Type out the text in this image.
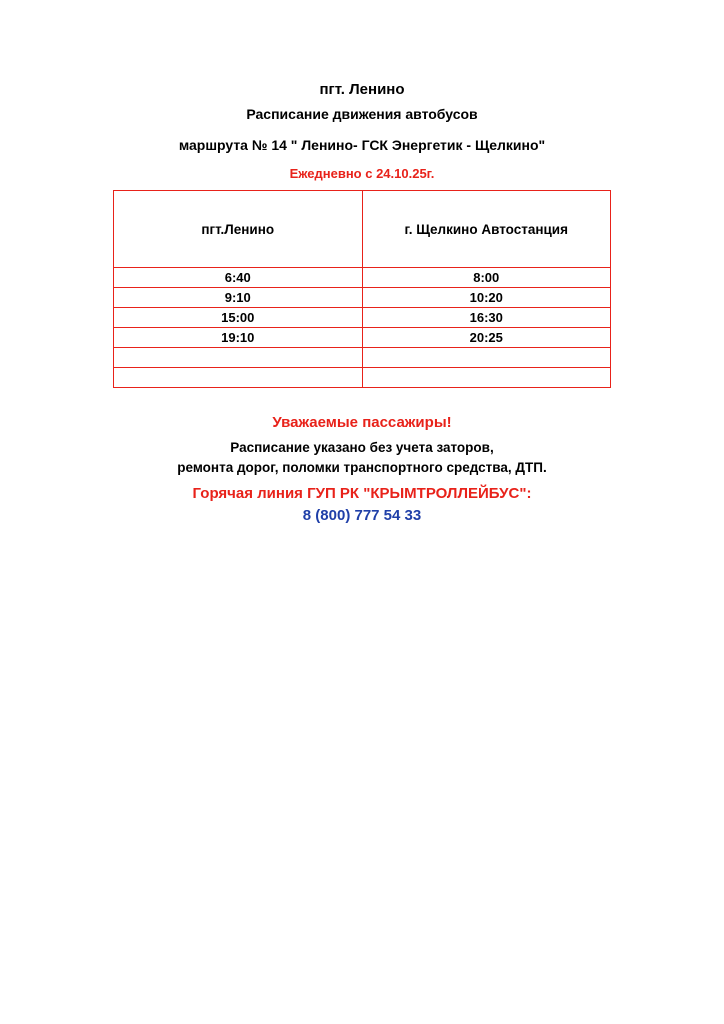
пгт. Ленино
Расписание движения автобусов
маршрута № 14 " Ленино- ГСК Энергетик - Щелкино"
Ежедневно с 24.10.25г.
пгт.Ленино	г. Щелкино Автостанция
6:40	8:00
9:10	10:20
15:00	16:30
19:10	20:25

Уважаемые пассажиры!
Расписание указано без учета заторов,
ремонта дорог, поломки транспортного средства, ДТП.
Горячая линия ГУП РК "КРЫМТРОЛЛЕЙБУС":
8 (800) 777 54 33
